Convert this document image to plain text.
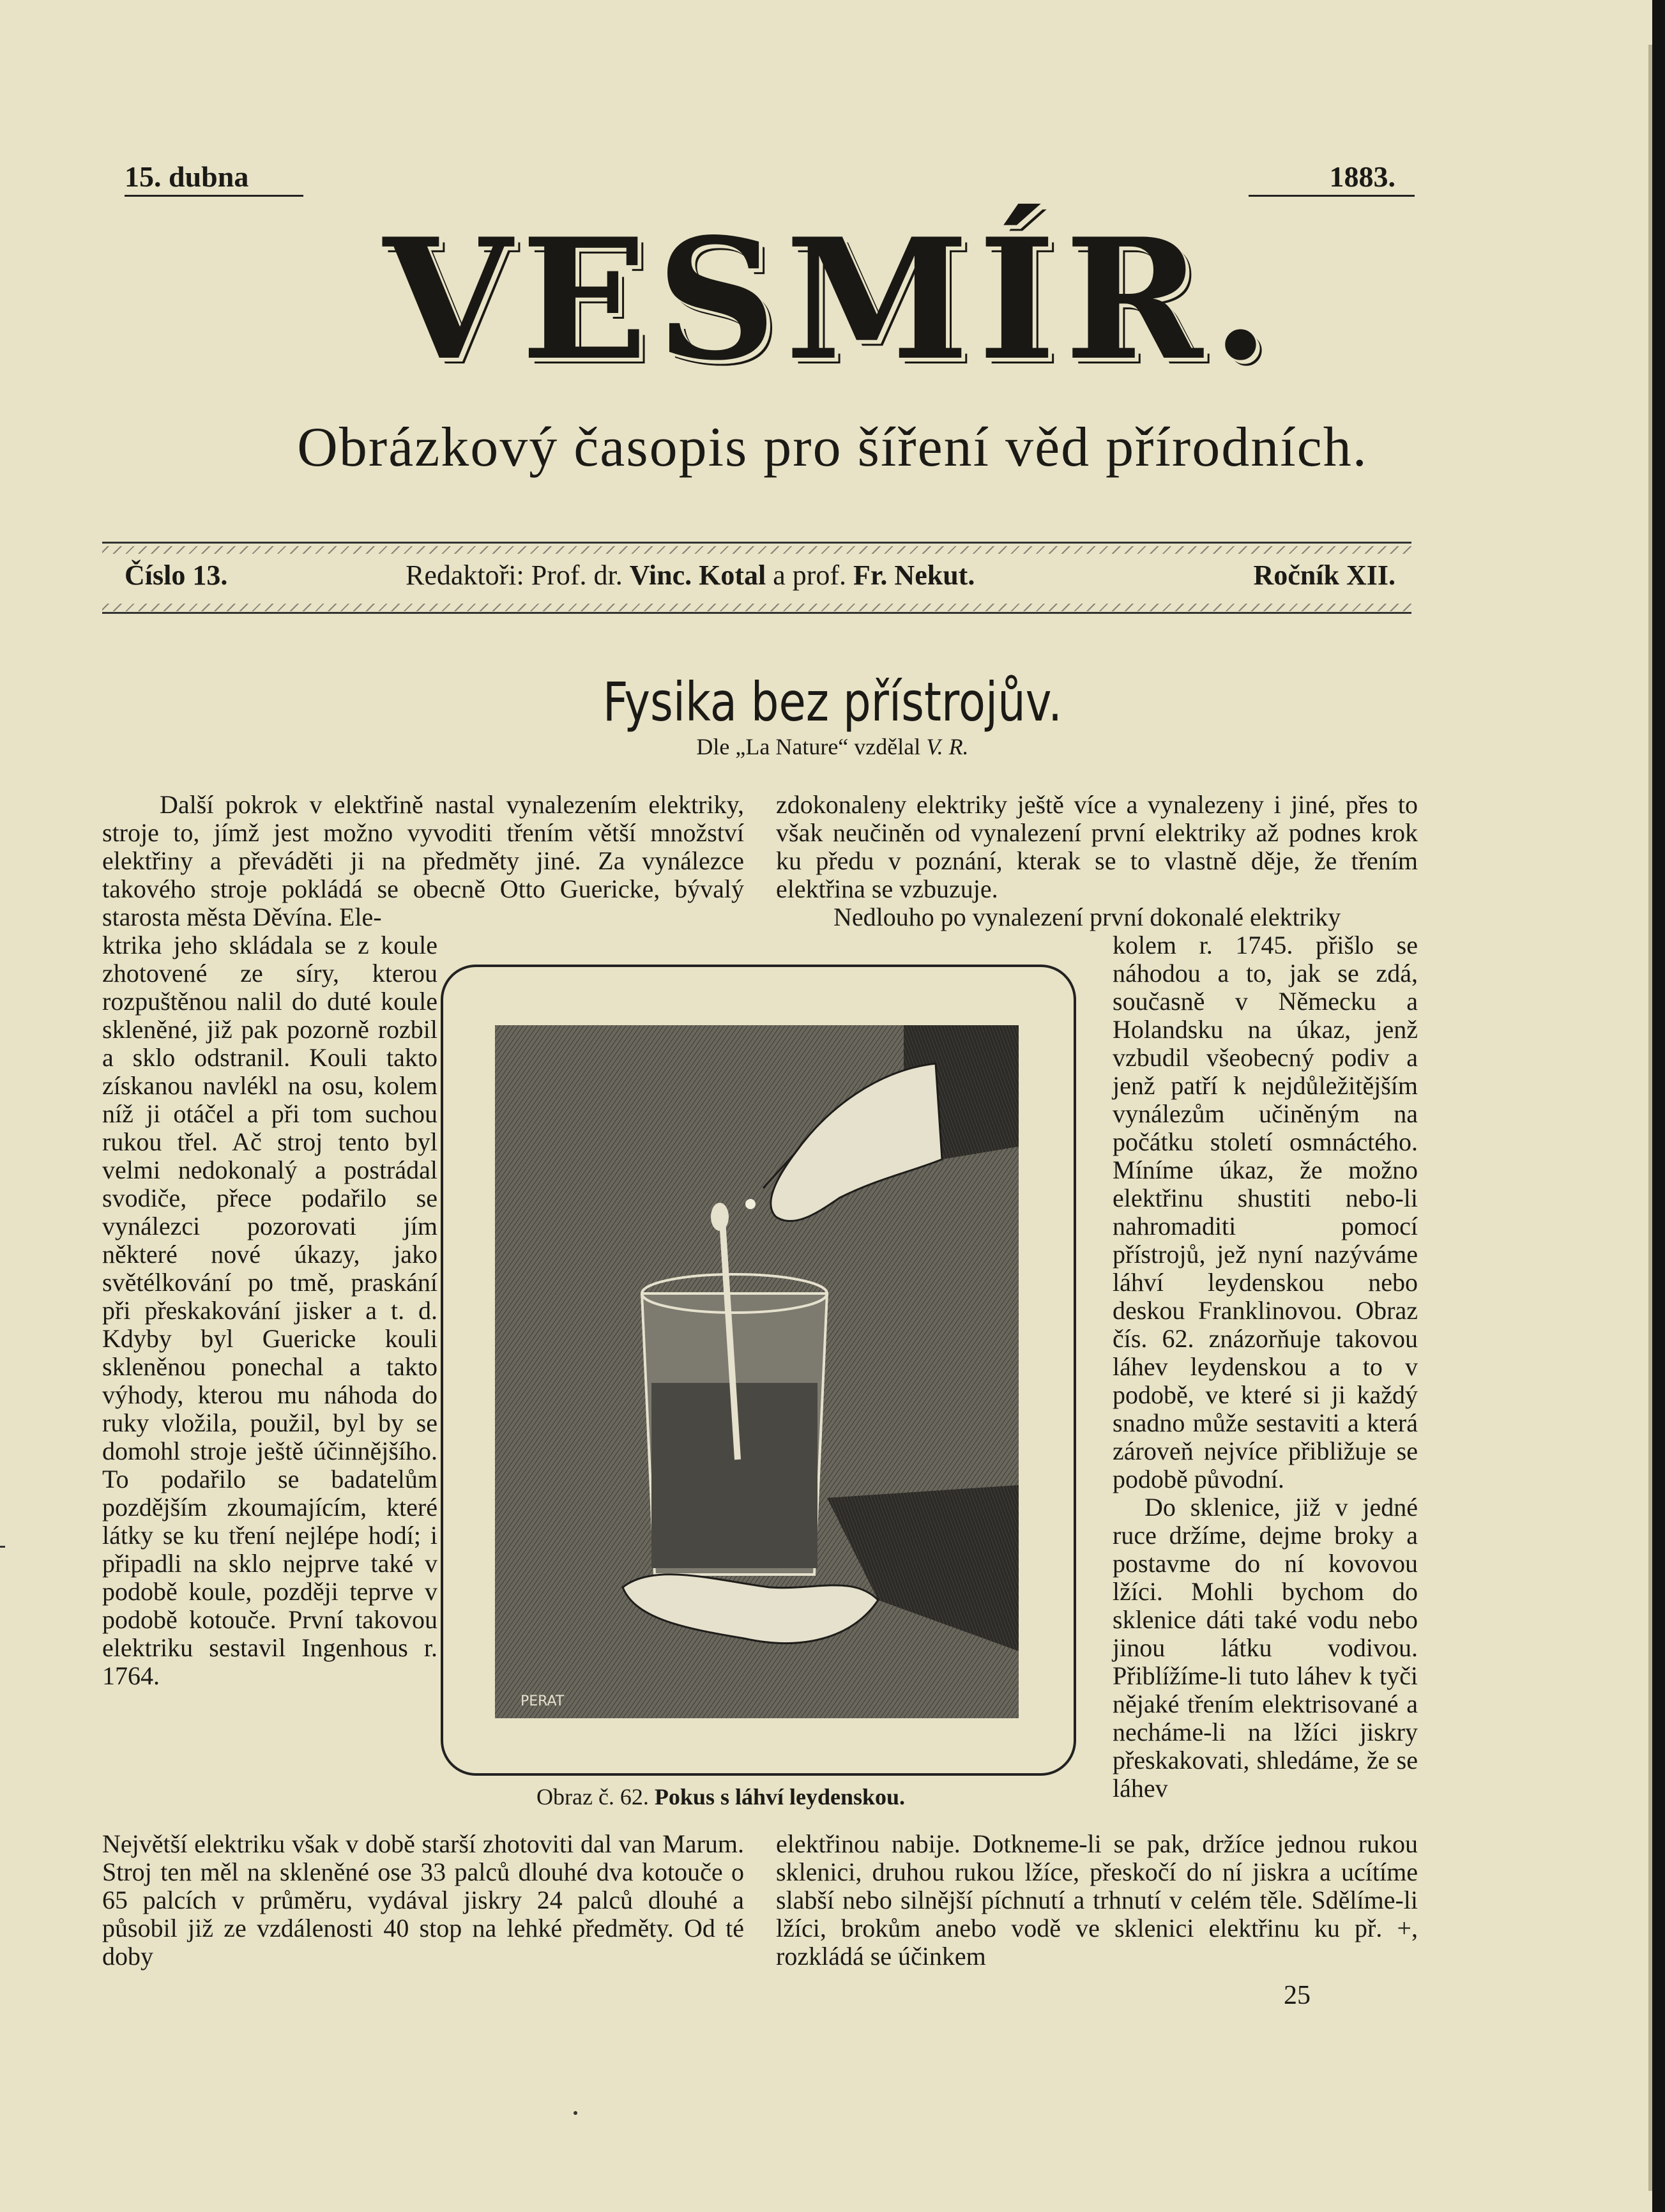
15. dubna	1883.
VESMÍR.
Obrázkový časopis pro šíření věd přírodních.
Číslo 13.	Redaktoři: Prof. dr. Vinc. Kotal a prof. Fr. Nekut.	Ročník XII.
Fysika bez přístrojův.
Dle „La Nature“ vzdělal V. R.

Další pokrok v elektřině nastal vynalezením elektriky, stroje to, jímž jest možno vyvoditi třením větší množství elektřiny a převáděti ji na předměty jiné. Za vynálezce takového stroje pokládá se obecně Otto Guericke, bývalý starosta města Děvína. Ele-

ktrika jeho skládala se z koule zhotovené ze síry, kterou rozpuštěnou nalil do duté koule skleněné, již pak pozorně rozbil a sklo odstranil. Kouli takto získanou navlékl na osu, kolem níž ji otáčel a při tom suchou rukou třel. Ač stroj tento byl velmi nedokonalý a postrádal svodiče, přece podařilo se vynálezci pozorovati jím některé nové úkazy, jako světélkování po tmě, praskání při přeskakování jisker a t. d. Kdyby byl Guericke kouli skleněnou ponechal a takto výhody, kterou mu náhoda do ruky vložila, použil, byl by se domohl stroje ještě účinnějšího. To podařilo se badatelům pozdějším zkoumajícím, které látky se ku tření nejlépe hodí; i připadli na sklo nejprve také v podobě koule, později teprve v podobě kotouče. První takovou elektriku sestavil Ingenhous r. 1764.

Největší elektriku však v době starší zhotoviti dal van Marum. Stroj ten měl na skleněné ose 33 palců dlouhé dva kotouče o 65 palcích v průměru, vydával jiskry 24 palců dlouhé a působil již ze vzdálenosti 40 stop na lehké předměty. Od té doby

zdokonaleny elektriky ještě více a vynalezeny i jiné, přes to však neučiněn od vynalezení první elektriky až podnes krok ku předu v poznání, kterak se to vlastně děje, že třením elektřina se vzbuzuje.

Nedlouho po vynalezení první dokonalé elektriky

kolem r. 1745. přišlo se náhodou a to, jak se zdá, současně v Německu a Holandsku na úkaz, jenž vzbudil všeobecný podiv a jenž patří k nejdůležitějším vynálezům učiněným na počátku století osmnáctého. Míníme úkaz, že možno elektřinu shustiti nebo-li nahromaditi pomocí přístrojů, jež nyní nazýváme láhví leydenskou nebo deskou Franklinovou. Obraz čís. 62. znázorňuje takovou láhev leydenskou a to v podobě, ve které si ji každý snadno může sestaviti a která zároveň nejvíce přibližuje se podobě původní.

Do sklenice, již v jedné ruce držíme, dejme broky a postavme do ní kovovou lžíci. Mohli bychom do sklenice dáti také vodu nebo jinou látku vodivou. Přiblížíme-li tuto láhev k tyči nějaké třením elektrisované a necháme-li na lžíci jiskry přeskakovati, shledáme, že se láhev

elektřinou nabije. Dotkneme-li se pak, držíce jednou rukou sklenici, druhou rukou lžíce, přeskočí do ní jiskra a ucítíme slabší nebo silnější píchnutí a trhnutí v celém těle. Sdělíme-li lžíci, brokům anebo vodě ve sklenici elektřinu ku př. +, rozkládá se účinkem

PERAT
Obraz č. 62. Pokus s láhví leydenskou.
25
